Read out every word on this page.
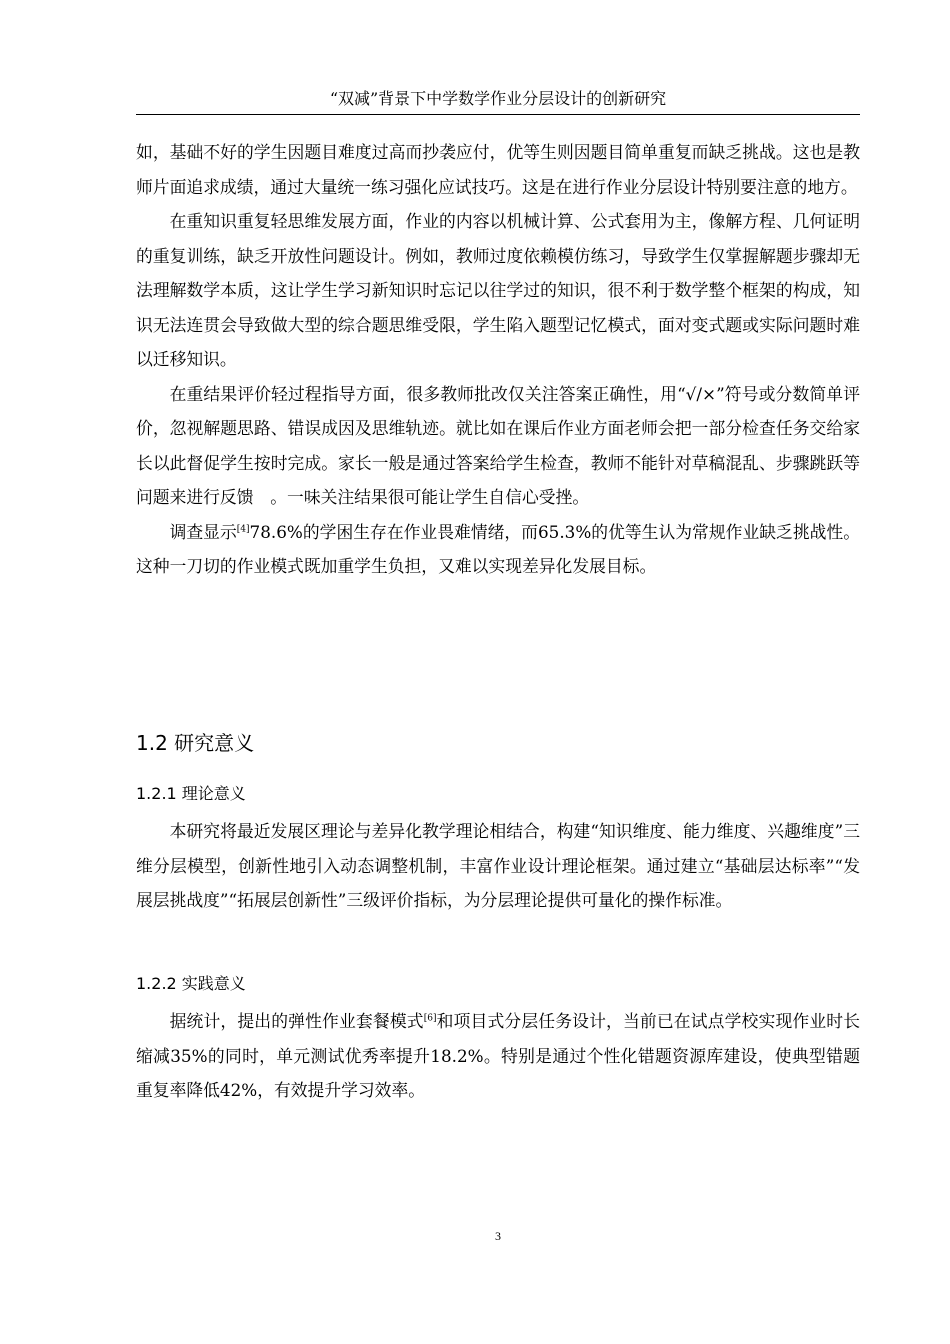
“双减”背景下中学数学作业分层设计的创新研究

如，基础不好的学生因题目难度过高而抄袭应付，优等生则因题目简单重复而缺乏挑战。这也是教师片面追求成绩，通过大量统一练习强化应试技巧。这是在进行作业分层设计特别要注意的地方。

在重知识重复轻思维发展方面，作业的内容以机械计算、公式套用为主，像解方程、几何证明的重复训练，缺乏开放性问题设计。例如，教师过度依赖模仿练习，导致学生仅掌握解题步骤却无法理解数学本质，这让学生学习新知识时忘记以往学过的知识，很不利于数学整个框架的构成，知识无法连贯会导致做大型的综合题思维受限，学生陷入题型记忆模式，面对变式题或实际问题时难以迁移知识。

在重结果评价轻过程指导方面，很多教师批改仅关注答案正确性，用“√/×”符号或分数简单评价，忽视解题思路、错误成因及思维轨迹。就比如在课后作业方面老师会把一部分检查任务交给家长以此督促学生按时完成。家长一般是通过答案给学生检查，教师不能针对草稿混乱、步骤跳跃等问题来进行反馈　。一味关注结果很可能让学生自信心受挫。

调查显示[4]78.6%的学困生存在作业畏难情绪，而65.3%的优等生认为常规作业缺乏挑战性。这种一刀切的作业模式既加重学生负担，又难以实现差异化发展目标。

1.2 研究意义
1.2.1 理论意义

本研究将最近发展区理论与差异化教学理论相结合，构建“知识维度、能力维度、兴趣维度”三维分层模型，创新性地引入动态调整机制，丰富作业设计理论框架。通过建立“基础层达标率”“发展层挑战度”“拓展层创新性”三级评价指标，为分层理论提供可量化的操作标准。

1.2.2 实践意义

据统计，提出的弹性作业套餐模式[6]和项目式分层任务设计，当前已在试点学校实现作业时长缩减35%的同时，单元测试优秀率提升18.2%。特别是通过个性化错题资源库建设，使典型错题重复率降低42%，有效提升学习效率。

3
